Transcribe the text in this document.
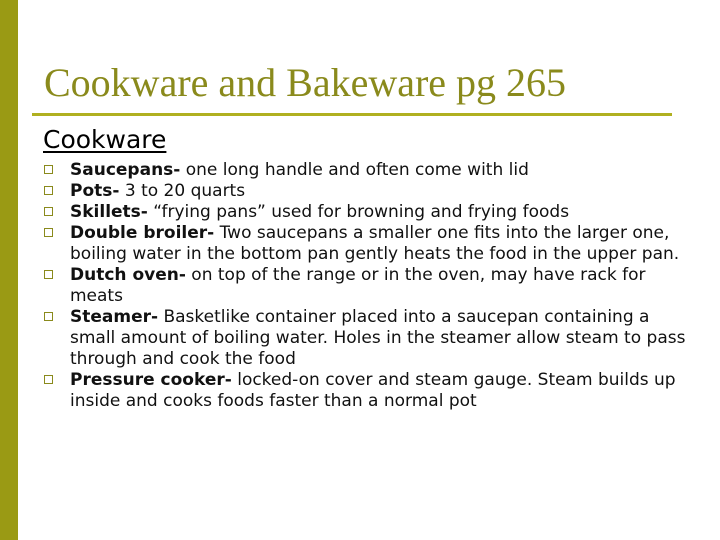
Cookware and Bakeware pg 265
Cookware
Saucepans- one long handle and often come with lid
Pots- 3 to 20 quarts
Skillets- “frying pans” used for browning and frying foods
Double broiler- Two saucepans a smaller one fits into the larger one, boiling water in the bottom pan gently heats the food in the upper pan.
Dutch oven- on top of the range or in the oven, may have rack for meats
Steamer- Basketlike container placed into a saucepan containing a small amount of boiling water. Holes in the steamer allow steam to pass through and cook the food
Pressure cooker- locked-on cover and steam gauge. Steam builds up inside and cooks foods faster than a normal pot
